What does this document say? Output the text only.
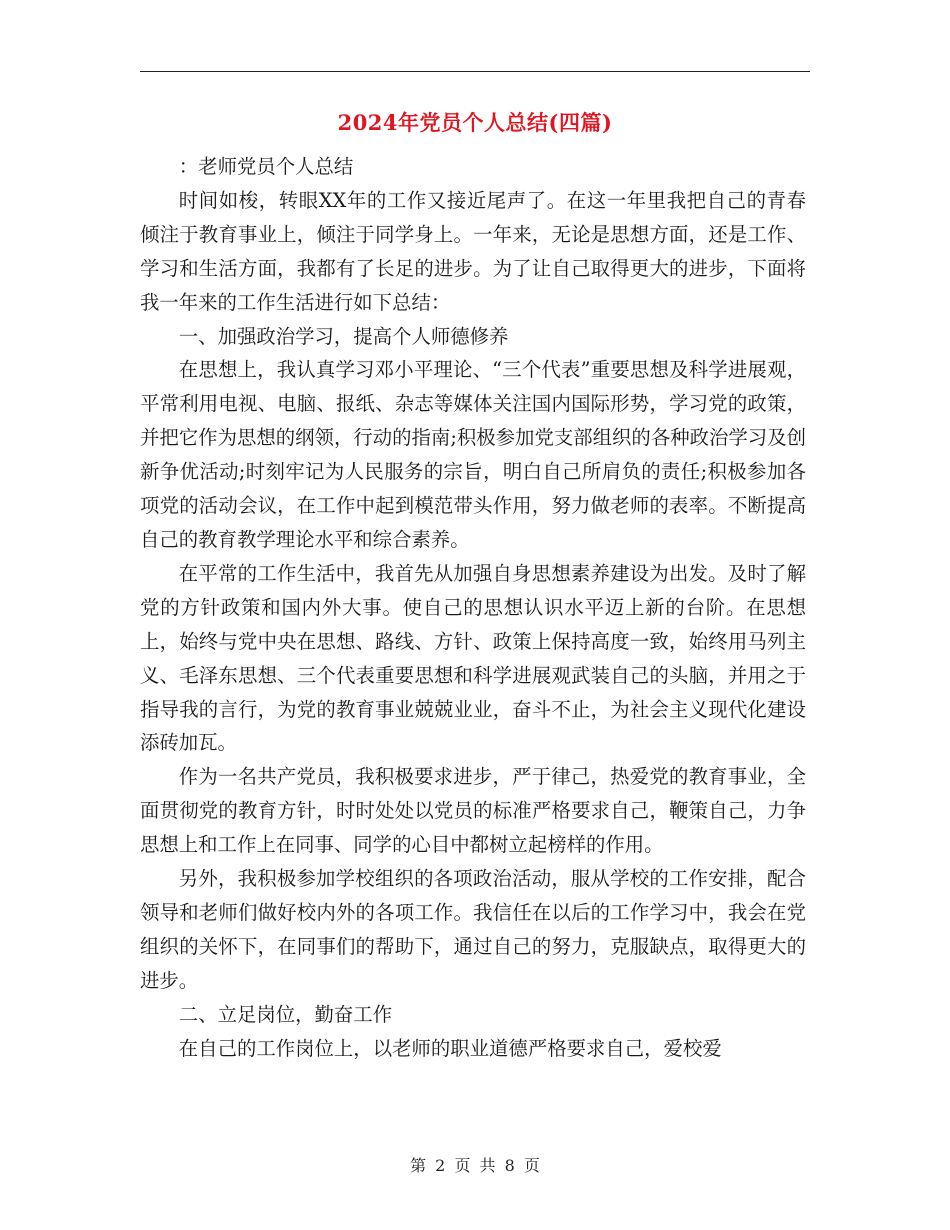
2024年党员个人总结(四篇)

：老师党员个人总结

时间如梭，转眼XX年的工作又接近尾声了。在这一年里我把自己的青春倾注于教育事业上，倾注于同学身上。一年来，无论是思想方面，还是工作、学习和生活方面，我都有了长足的进步。为了让自己取得更大的进步，下面将我一年来的工作生活进行如下总结：

一、加强政治学习，提高个人师德修养

在思想上，我认真学习邓小平理论、“三个代表”重要思想及科学进展观，平常利用电视、电脑、报纸、杂志等媒体关注国内国际形势，学习党的政策，并把它作为思想的纲领，行动的指南;积极参加党支部组织的各种政治学习及创新争优活动;时刻牢记为人民服务的宗旨，明白自己所肩负的责任;积极参加各项党的活动会议，在工作中起到模范带头作用，努力做老师的表率。不断提高自己的教育教学理论水平和综合素养。

在平常的工作生活中，我首先从加强自身思想素养建设为出发。及时了解党的方针政策和国内外大事。使自己的思想认识水平迈上新的台阶。在思想上，始终与党中央在思想、路线、方针、政策上保持高度一致，始终用马列主义、毛泽东思想、三个代表重要思想和科学进展观武装自己的头脑，并用之于指导我的言行，为党的教育事业兢兢业业，奋斗不止，为社会主义现代化建设添砖加瓦。

作为一名共产党员，我积极要求进步，严于律己，热爱党的教育事业，全面贯彻党的教育方针，时时处处以党员的标准严格要求自己，鞭策自己，力争思想上和工作上在同事、同学的心目中都树立起榜样的作用。

另外，我积极参加学校组织的各项政治活动，服从学校的工作安排，配合领导和老师们做好校内外的各项工作。我信任在以后的工作学习中，我会在党组织的关怀下，在同事们的帮助下，通过自己的努力，克服缺点，取得更大的进步。

二、立足岗位，勤奋工作

在自己的工作岗位上，以老师的职业道德严格要求自己，爱校爱

第 2 页 共 8 页
